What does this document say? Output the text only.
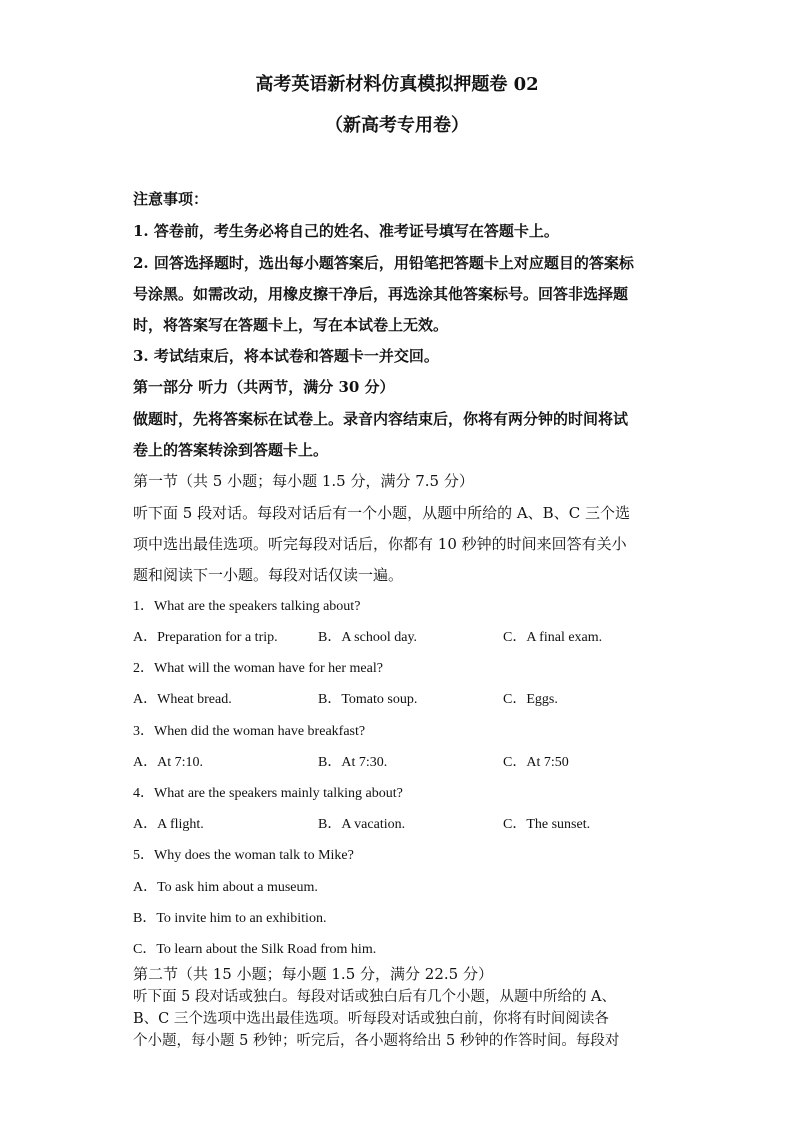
高考英语新材料仿真模拟押题卷 02
（新高考专用卷）
注意事项：
1. 答卷前，考生务必将自己的姓名、准考证号填写在答题卡上。
2. 回答选择题时，选出每小题答案后，用铅笔把答题卡上对应题目的答案标
号涂黑。如需改动，用橡皮擦干净后，再选涂其他答案标号。回答非选择题
时，将答案写在答题卡上，写在本试卷上无效。
3. 考试结束后，将本试卷和答题卡一并交回。
第一部分 听力（共两节，满分 30 分）
做题时，先将答案标在试卷上。录音内容结束后，你将有两分钟的时间将试
卷上的答案转涂到答题卡上。
第一节（共 5 小题；每小题 1.5 分，满分 7.5 分）
听下面 5 段对话。每段对话后有一个小题，从题中所给的 A、B、C 三个选
项中选出最佳选项。听完每段对话后，你都有 10 秒钟的时间来回答有关小
题和阅读下一小题。每段对话仅读一遍。
1．What are the speakers talking about?
A．Preparation for a trip.	B．A school day.	C．A final exam.
2．What will the woman have for her meal?
A．Wheat bread.	B．Tomato soup.	C．Eggs.
3．When did the woman have breakfast?
A．At 7:10.	B．At 7:30.	C．At 7:50
4．What are the speakers mainly talking about?
A．A flight.	B．A vacation.	C．The sunset.
5．Why does the woman talk to Mike?
A．To ask him about a museum.
B．To invite him to an exhibition.
C．To learn about the Silk Road from him.
第二节（共 15 小题；每小题 1.5 分，满分 22.5 分）
听下面 5 段对话或独白。每段对话或独白后有几个小题，从题中所给的 A、
B、C 三个选项中选出最佳选项。听每段对话或独白前，你将有时间阅读各
个小题，每小题 5 秒钟；听完后，各小题将给出 5 秒钟的作答时间。每段对
